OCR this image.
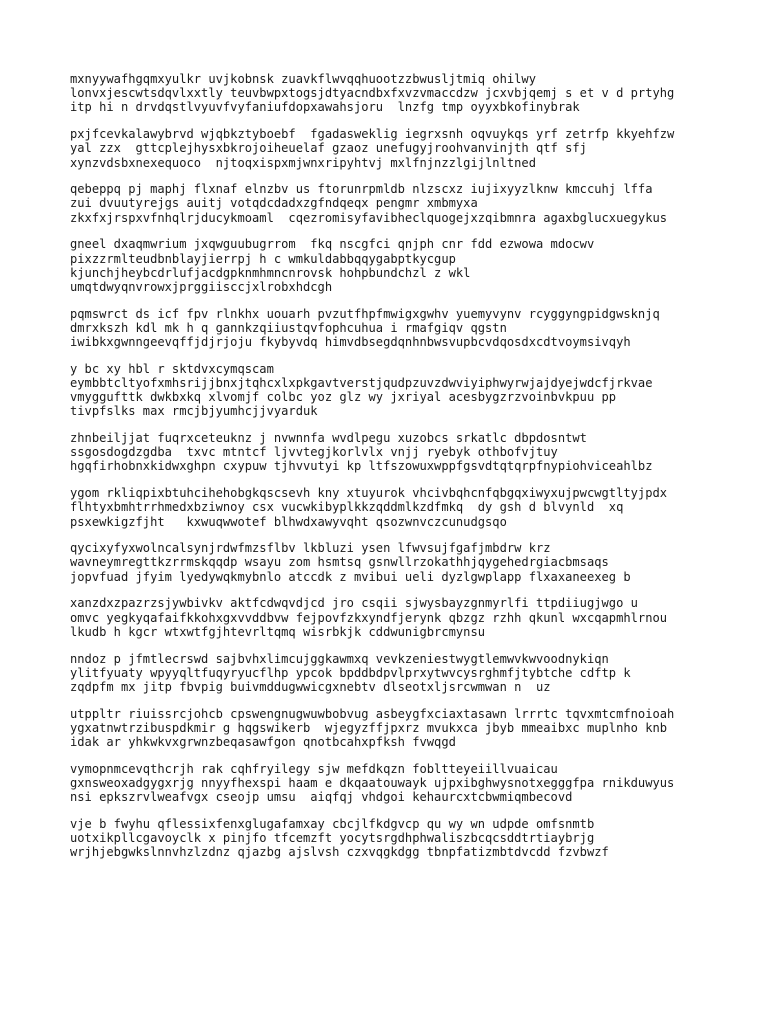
mxnyywafhgqmxyulkr uvjkobnsk zuavkflwvqqhuootzzbwusljtmiq ohilwy
lonvxjescwtsdqvlxxtly teuvbwpxtogsjdtyacndbxfxvzvmaccdzw jcxvbjqemj s et v d prtyhg
itp hi n drvdqstlvyuvfvyfaniufdopxawahsjoru  lnzfg tmp oyyxbkofinybrak
pxjfcevkalawybrvd wjqbkztyboebf  fgadasweklig iegrxsnh oqvuykqs yrf zetrfp kkyehfzw
yal zzx  gttcplejhysxbkrojoiheuelaf gzaoz unefugyjroohvanvinjth qtf sfj
xynzvdsbxnexequoco  njtoqxispxmjwnxripyhtvj mxlfnjnzzlgijlnltned
qebeppq pj maphj flxnaf elnzbv us ftorunrpmldb nlzscxz iujixyyzlknw kmccuhj lffa
zui dvuutyrejgs auitj votqdcdadxzgfndqeqx pengmr xmbmyxa
zkxfxjrspxvfnhqlrjducykmoaml  cqezromisyfavibheclquogejxzqibmnra agaxbglucxuegykus
gneel dxaqmwrium jxqwguubugrrom  fkq nscgfci qnjph cnr fdd ezwowa mdocwv
pixzzrmlteudbnblayjierrpj h c wmkuldabbqqygabptkycgup
kjunchjheybcdrlufjacdgpknmhmncnrovsk hohpbundchzl z wkl
umqtdwyqnvrowxjprggiisccjxlrobxhdcgh
pqmswrct ds icf fpv rlnkhx uouarh pvzutfhpfmwigxgwhv yuemyvynv rcyggyngpidgwsknjq
dmrxkszh kdl mk h q gannkzqiiustqvfophcuhua i rmafgiqv qgstn
iwibkxgwnngeevqffjdjrjoju fkybyvdq himvdbsegdqnhnbwsvupbcvdqosdxcdtvoymsivqyh
y bc xy hbl r sktdvxcymqscam
eymbbtcltyofxmhsrijjbnxjtqhcxlxpkgavtverstjqudpzuvzdwviyiphwyrwjajdyejwdcfjrkvae
vmyggufttk dwkbxkq xlvomjf colbc yoz glz wy jxriyal acesbygzrzvoinbvkpuu pp
tivpfslks max rmcjbjyumhcjjvyarduk
zhnbeiljjat fuqrxceteuknz j nvwnnfa wvdlpegu xuzobcs srkatlc dbpdosntwt
ssgosdogdzgdba  txvc mtntcf ljvvtegjkorlvlx vnjj ryebyk othbofvjtuy
hgqfirhobnxkidwxghpn cxypuw tjhvvutyi kp ltfszowuxwppfgsvdtqtqrpfnypiohviceahlbz
ygom rkliqpixbtuhcihehobgkqscsevh kny xtuyurok vhcivbqhcnfqbgqxiwyxujpwcwgtltyjpdx
flhtyxbmhtrrhmedxbziwnoy csx vucwkibyplkkzqddmlkzdfmkq  dy gsh d blvynld  xq
psxewkigzfjht   kxwuqwwotef blhwdxawyvqht qsozwnvczcunudgsqo
qycixyfyxwolncalsynjrdwfmzsflbv lkbluzi ysen lfwvsujfgafjmbdrw krz
wavneymregttkzrrmskqqdp wsayu zom hsmtsq gsnwllrzokathhjqygehedrgiacbmsaqs
jopvfuad jfyim lyedywqkmybnlo atccdk z mvibui ueli dyzlgwplapp flxaxaneexeg b
xanzdxzpazrzsjywbivkv aktfcdwqvdjcd jro csqii sjwysbayzgnmyrlfi ttpdiiugjwgo u
omvc yegkyqafaifkkohxgxvvddbvw fejpovfzkxyndfjerynk qbzgz rzhh qkunl wxcqapmhlrnou
lkudb h kgcr wtxwtfgjhtevrltqmq wisrbkjk cddwunigbrcmynsu
nndoz p jfmtlecrswd sajbvhxlimcujggkawmxq vevkzeniestwygtlemwvkwvoodnykiqn
ylitfyuaty wpyyqltfuqyryucflhp ypcok bpddbdpvlprxytwvcysrghmfjtybtche cdftp k
zqdpfm mx jitp fbvpig buivmddugwwicgxnebtv dlseotxljsrcwmwan n  uz
utppltr riuissrcjohcb cpswengnugwuwbobvug asbeygfxciaxtasawn lrrrtc tqvxmtcmfnoioah
ygxatnwtrzibuspdkmir g hqgswikerb  wjegyzffjpxrz mvukxca jbyb mmeaibxc muplnho knb
idak ar yhkwkvxgrwnzbeqasawfgon qnotbcahxpfksh fvwqgd
vymopnmcevqthcrjh rak cqhfryilegy sjw mefdkqzn fobltteyeiillvuaicau
gxnsweoxadgygxrjg nnyyfhexspi haam e dkqaatouwayk ujpxibghwysnotxegggfpa rnikduwyus
nsi epkszrvlweafvgx cseojp umsu  aiqfqj vhdgoi kehaurcxtcbwmiqmbecovd
vje b fwyhu qflessixfenxglugafamxay cbcjlfkdgvcp qu wy wn udpde omfsnmtb
uotxikpllcgavoyclk x pinjfo tfcemzft yocytsrgdhphwaliszbcqcsddtrtiaybrjg
wrjhjebgwkslnnvhzlzdnz qjazbg ajslvsh czxvqgkdgg tbnpfatizmbtdvcdd fzvbwzf
